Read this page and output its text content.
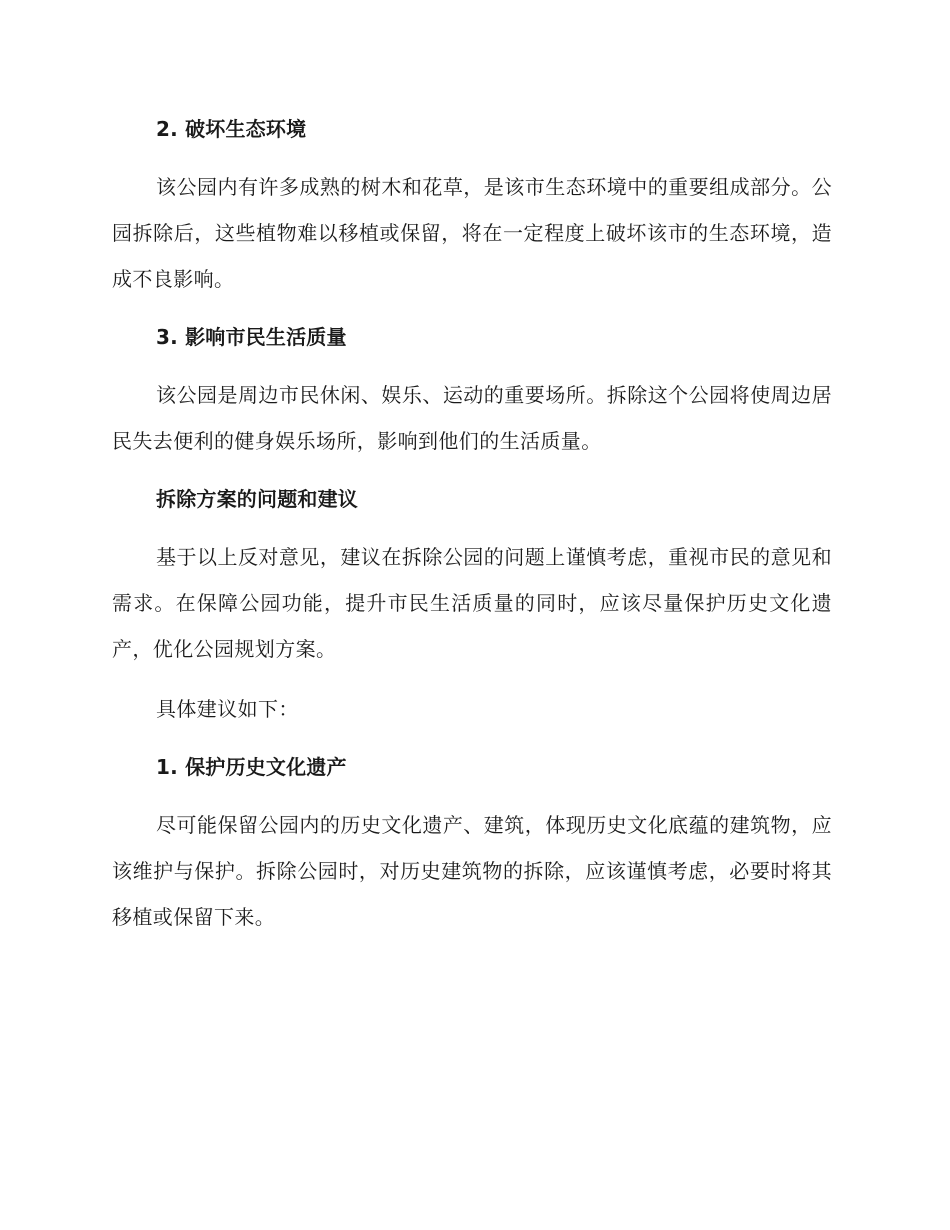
2. 破坏生态环境

该公园内有许多成熟的树木和花草，是该市生态环境中的重要组成部分。公园拆除后，这些植物难以移植或保留，将在一定程度上破坏该市的生态环境，造成不良影响。

3. 影响市民生活质量

该公园是周边市民休闲、娱乐、运动的重要场所。拆除这个公园将使周边居民失去便利的健身娱乐场所，影响到他们的生活质量。

拆除方案的问题和建议

基于以上反对意见，建议在拆除公园的问题上谨慎考虑，重视市民的意见和需求。在保障公园功能，提升市民生活质量的同时，应该尽量保护历史文化遗产，优化公园规划方案。

具体建议如下：

1. 保护历史文化遗产

尽可能保留公园内的历史文化遗产、建筑，体现历史文化底蕴的建筑物，应该维护与保护。拆除公园时，对历史建筑物的拆除，应该谨慎考虑，必要时将其移植或保留下来。
